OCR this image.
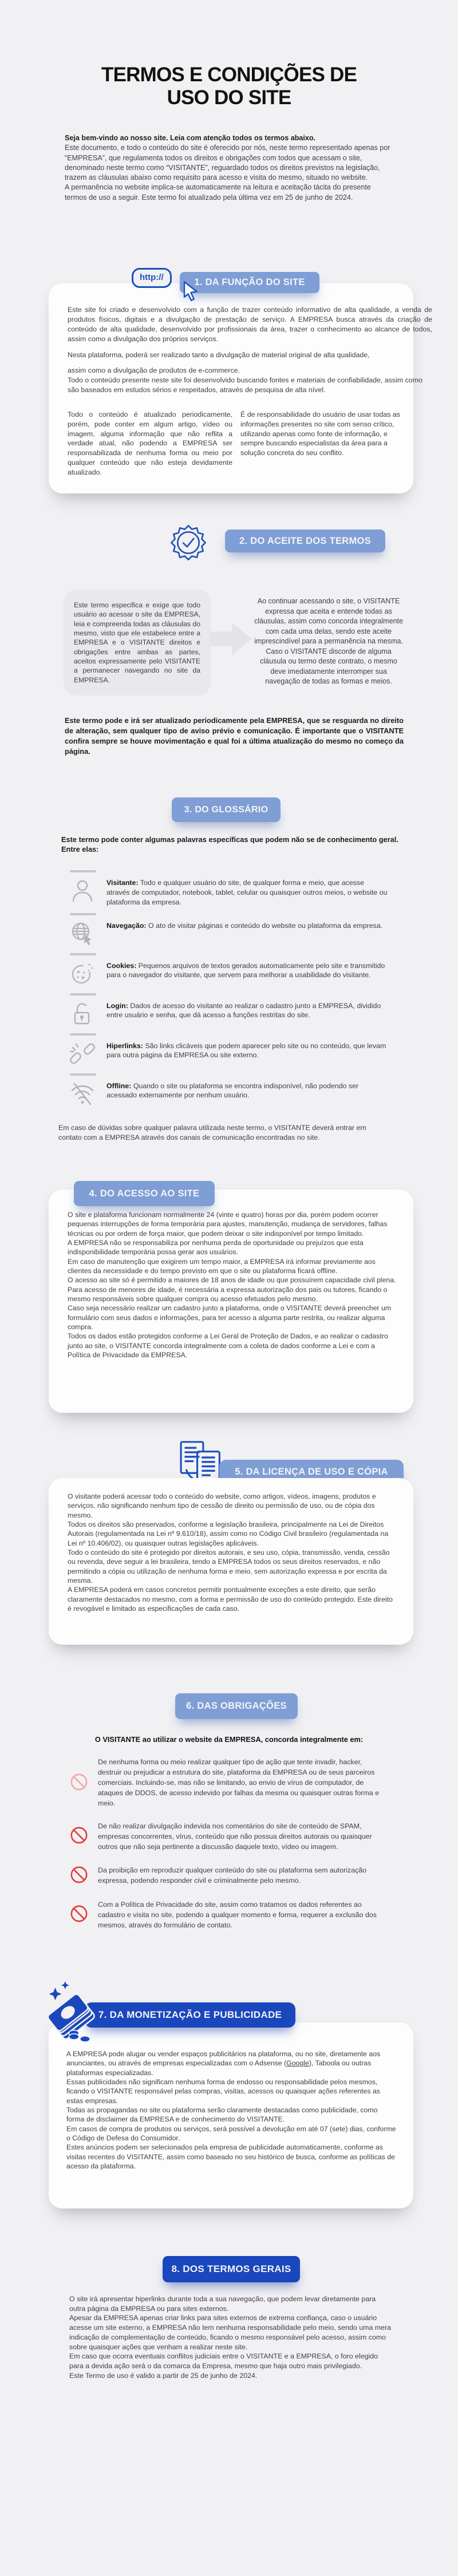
TERMOS E CONDIÇÕES DE USO DO SITE

Seja bem-vindo ao nosso site. Leia com atenção todos os termos abaixo.

Este documento, e todo o conteúdo do site é oferecido por nós, neste termo representado apenas por “EMPRESA”, que regulamenta todos os direitos e obrigações com todos que acessam o site, denominado neste termo como “VISITANTE”, reguardado todos os direitos previstos na legislação, trazem as cláusulas abaixo como requisito para acesso e visita do mesmo, situado no website.

A permanência no website implica-se automaticamente na leitura e aceitação tácita do presente termos de uso a seguir. Este termo foi atualizado pela última vez em 25 de junho de 2024.

1. DA FUNÇÃO DO SITE
http://

Este site foi criado e desenvolvido com a função de trazer conteúdo informativo de alta qualidade, a venda de produtos físicos, digitais e a divulgação de prestação de serviço. A EMPRESA busca através da criação de conteúdo de alta qualidade, desenvolvido por profissionais da área, trazer o conhecimento ao alcance de todos, assim como a divulgação dos próprios serviços.

Nesta plataforma, poderá ser realizado tanto a divulgação de material original de alta qualidade,

assim como a divulgação de produtos de e-commerce.

Todo o conteúdo presente neste site foi desenvolvido buscando fontes e materiais de confiabilidade, assim como são baseados em estudos sérios e respeitados, através de pesquisa de alta nível.

Todo o conteúdo é atualizado periodicamente, porém, pode conter em algum artigo, vídeo ou imagem, alguma informação que não reflita a verdade atual, não podendo a EMPRESA ser responsabilizada de nenhuma forma ou meio por qualquer conteúdo que não esteja devidamente atualizado.

É de responsabilidade do usuário de usar todas as informações presentes no site com senso crítico, utilizando apenas como fonte de informação, e sempre buscando especialistas da área para a solução concreta do seu conflito.

2. DO ACEITE DOS TERMOS
Este termo especifica e exige que todo usuário ao acessar o site da EMPRESA, leia e compreenda todas as cláusulas do mesmo, visto que ele estabelece entre a EMPRESA e o VISITANTE direitos e obrigações entre ambas as partes, aceitos expressamente pelo VISITANTE a permanecer navegando no site da EMPRESA.
Ao continuar acessando o site, o VISITANTE expressa que aceita e entende todas as cláusulas, assim como concorda integralmente com cada uma delas, sendo este aceite imprescindível para a permanência na mesma. Caso o VISITANTE discorde de alguma cláusula ou termo deste contrato, o mesmo deve imediatamente interromper sua navegação de todas as formas e meios.

Este termo pode e irá ser atualizado periodicamente pela EMPRESA, que se resguarda no direito de alteração, sem qualquer tipo de aviso prévio e comunicação. É importante que o VISITANTE confira sempre se houve movimentação e qual foi a última atualização do mesmo no começo da página.

3. DO GLOSSÁRIO

Este termo pode conter algumas palavras específicas que podem não se de conhecimento geral. Entre elas:

Visitante: Todo e qualquer usuário do site, de qualquer forma e meio, que acesse através de computador, notebook, tablet, celular ou quaisquer outros meios, o website ou plataforma da empresa.

Navegação: O ato de visitar páginas e conteúdo do website ou plataforma da empresa.

Cookies: Pequenos arquivos de textos gerados automaticamente pelo site e transmitido para o navegador do visitante, que servem para melhorar a usabilidade do visitante.

Login: Dados de acesso do visitante ao realizar o cadastro junto a EMPRESA, dividido entre usuário e senha, que dá acesso a funções restritas do site.

Hiperlinks: São links clicáveis que podem aparecer pelo site ou no conteúdo, que levam para outra página da EMPRESA ou site externo.

Offline: Quando o site ou plataforma se encontra indisponível, não podendo ser acessado externamente por nenhum usuário.

Em caso de dúvidas sobre qualquer palavra utilizada neste termo, o VISITANTE deverá entrar em contato com a EMPRESA através dos canais de comunicação encontradas no site.

4. DO ACESSO AO SITE

O site e plataforma funcionam normalmente 24 (vinte e quatro) horas por dia, porém podem ocorrer pequenas interrupções de forma temporária para ajustes, manutenção, mudança de servidores, falhas técnicas ou por ordem de força maior, que podem deixar o site indisponível por tempo limitado.

A EMPRESA não se responsabiliza por nenhuma perda de oportunidade ou prejuízos que esta indisponibilidade temporária possa gerar aos usuários.

Em caso de manutenção que exigirem um tempo maior, a EMPRESA irá informar previamente aos clientes da necessidade e do tempo previsto em que o site ou plataforma ficará offline.

O acesso ao site só é permitido a maiores de 18 anos de idade ou que possuírem capacidade civil plena. Para acesso de menores de idade, é necessária a expressa autorização dos pais ou tutores, ficando o mesmo responsáveis sobre qualquer compra ou acesso efetuados pelo mesmo.

Caso seja necessário realizar um cadastro junto a plataforma, onde o VISITANTE deverá preencher um formulário com seus dados e informações, para ter acesso a alguma parte restrita, ou realizar alguma compra.

Todos os dados estão protegidos conforme a Lei Geral de Proteção de Dados, e ao realizar o cadastro junto ao site, o VISITANTE concorda integralmente com a coleta de dados conforme a Lei e com a Política de Privacidade da EMPRESA.

5. DA LICENÇA DE USO E CÓPIA

O visitante poderá acessar todo o conteúdo do website, como artigos, vídeos, imagens, produtos e serviços, não significando nenhum tipo de cessão de direito ou permissão de uso, ou de cópia dos mesmo.

Todos os direitos são preservados, conforme a legislação brasileira, principalmente na Lei de Direitos Autorais (regulamentada na Lei nº 9.610/18), assim como no Código Civil brasileiro (regulamentada na Lei nº 10.406/02), ou quaisquer outras legislações aplicáveis.

Todo o conteúdo do site é protegido por direitos autorais, e seu uso, cópia, transmissão, venda, cessão ou revenda, deve seguir a lei brasileira, tendo a EMPRESA todos os seus direitos reservados, e não permitindo a cópia ou utilização de nenhuma forma e meio, sem autorização expressa e por escrita da mesma.

A EMPRESA poderá em casos concretos permitir pontualmente exceções a este direito, que serão claramente destacados no mesmo, com a forma e permissão de uso do conteúdo protegido. Este direito é revogável e limitado as especificações de cada caso.

6. DAS OBRIGAÇÕES

O VISITANTE ao utilizar o website da EMPRESA, concorda integralmente em:

De nenhuma forma ou meio realizar qualquer tipo de ação que tente invadir, hacker, destruir ou prejudicar a estrutura do site, plataforma da EMPRESA ou de seus parceiros comerciais. Incluindo-se, mas não se limitando, ao envio de vírus de computador, de ataques de DDOS, de acesso indevido por falhas da mesma ou quaisquer outras forma e meio.

De não realizar divulgação indevida nos comentários do site de conteúdo de SPAM, empresas concorrentes, vírus, conteúdo que não possua direitos autorais ou quaisquer outros que não seja pertinente a discussão daquele texto, vídeo ou imagem.

Da proibição em reproduzir qualquer conteúdo do site ou plataforma sem autorização expressa, podendo responder civil e criminalmente pelo mesmo.

Com a Política de Privacidade do site, assim como tratamos os dados referentes ao cadastro e visita no site, podendo a qualquer momento e forma, requerer a exclusão dos mesmos, através do formulário de contato.

7. DA MONETIZAÇÃO E PUBLICIDADE

A EMPRESA pode alugar ou vender espaços publicitários na plataforma, ou no site, diretamente aos anunciantes, ou através de empresas especializadas com o Adsense (Google), Taboola ou outras plataformas especializadas.

Essas publicidades não significam nenhuma forma de endosso ou responsabilidade pelos mesmos, ficando o VISITANTE responsável pelas compras, visitas, acessos ou quaisquer ações referentes as estas empresas.

Todas as propagandas no site ou plataforma serão claramente destacadas como publicidade, como forma de disclaimer da EMPRESA e de conhecimento do VISITANTE.

Em casos de compra de produtos ou serviços, será possível a devolução em até 07 (sete) dias, conforme o Código de Defesa do Consumidor.

Estes anúncios podem ser selecionados pela empresa de publicidade automaticamente, conforme as visitas recentes do VISITANTE, assim como baseado no seu histórico de busca, conforme as políticas de acesso da plataforma.

8. DOS TERMOS GERAIS

O site irá apresentar hiperlinks durante toda a sua navegação, que podem levar diretamente para outra página da EMPRESA ou para sites externos.

Apesar da EMPRESA apenas criar links para sites externos de extrema confiança, caso o usuário acesse um site externo, a EMPRESA não tem nenhuma responsabilidade pelo meio, sendo uma mera indicação de complementação de conteúdo, ficando o mesmo responsável pelo acesso, assim como sobre quaisquer ações que venham a realizar neste site.

Em caso que ocorra eventuais conflitos judiciais entre o VISITANTE e a EMPRESA, o foro elegido para a devida ação será o da comarca da Empresa, mesmo que haja outro mais privilegiado.

Este Termo de uso é valido a partir de 25 de junho de 2024.
